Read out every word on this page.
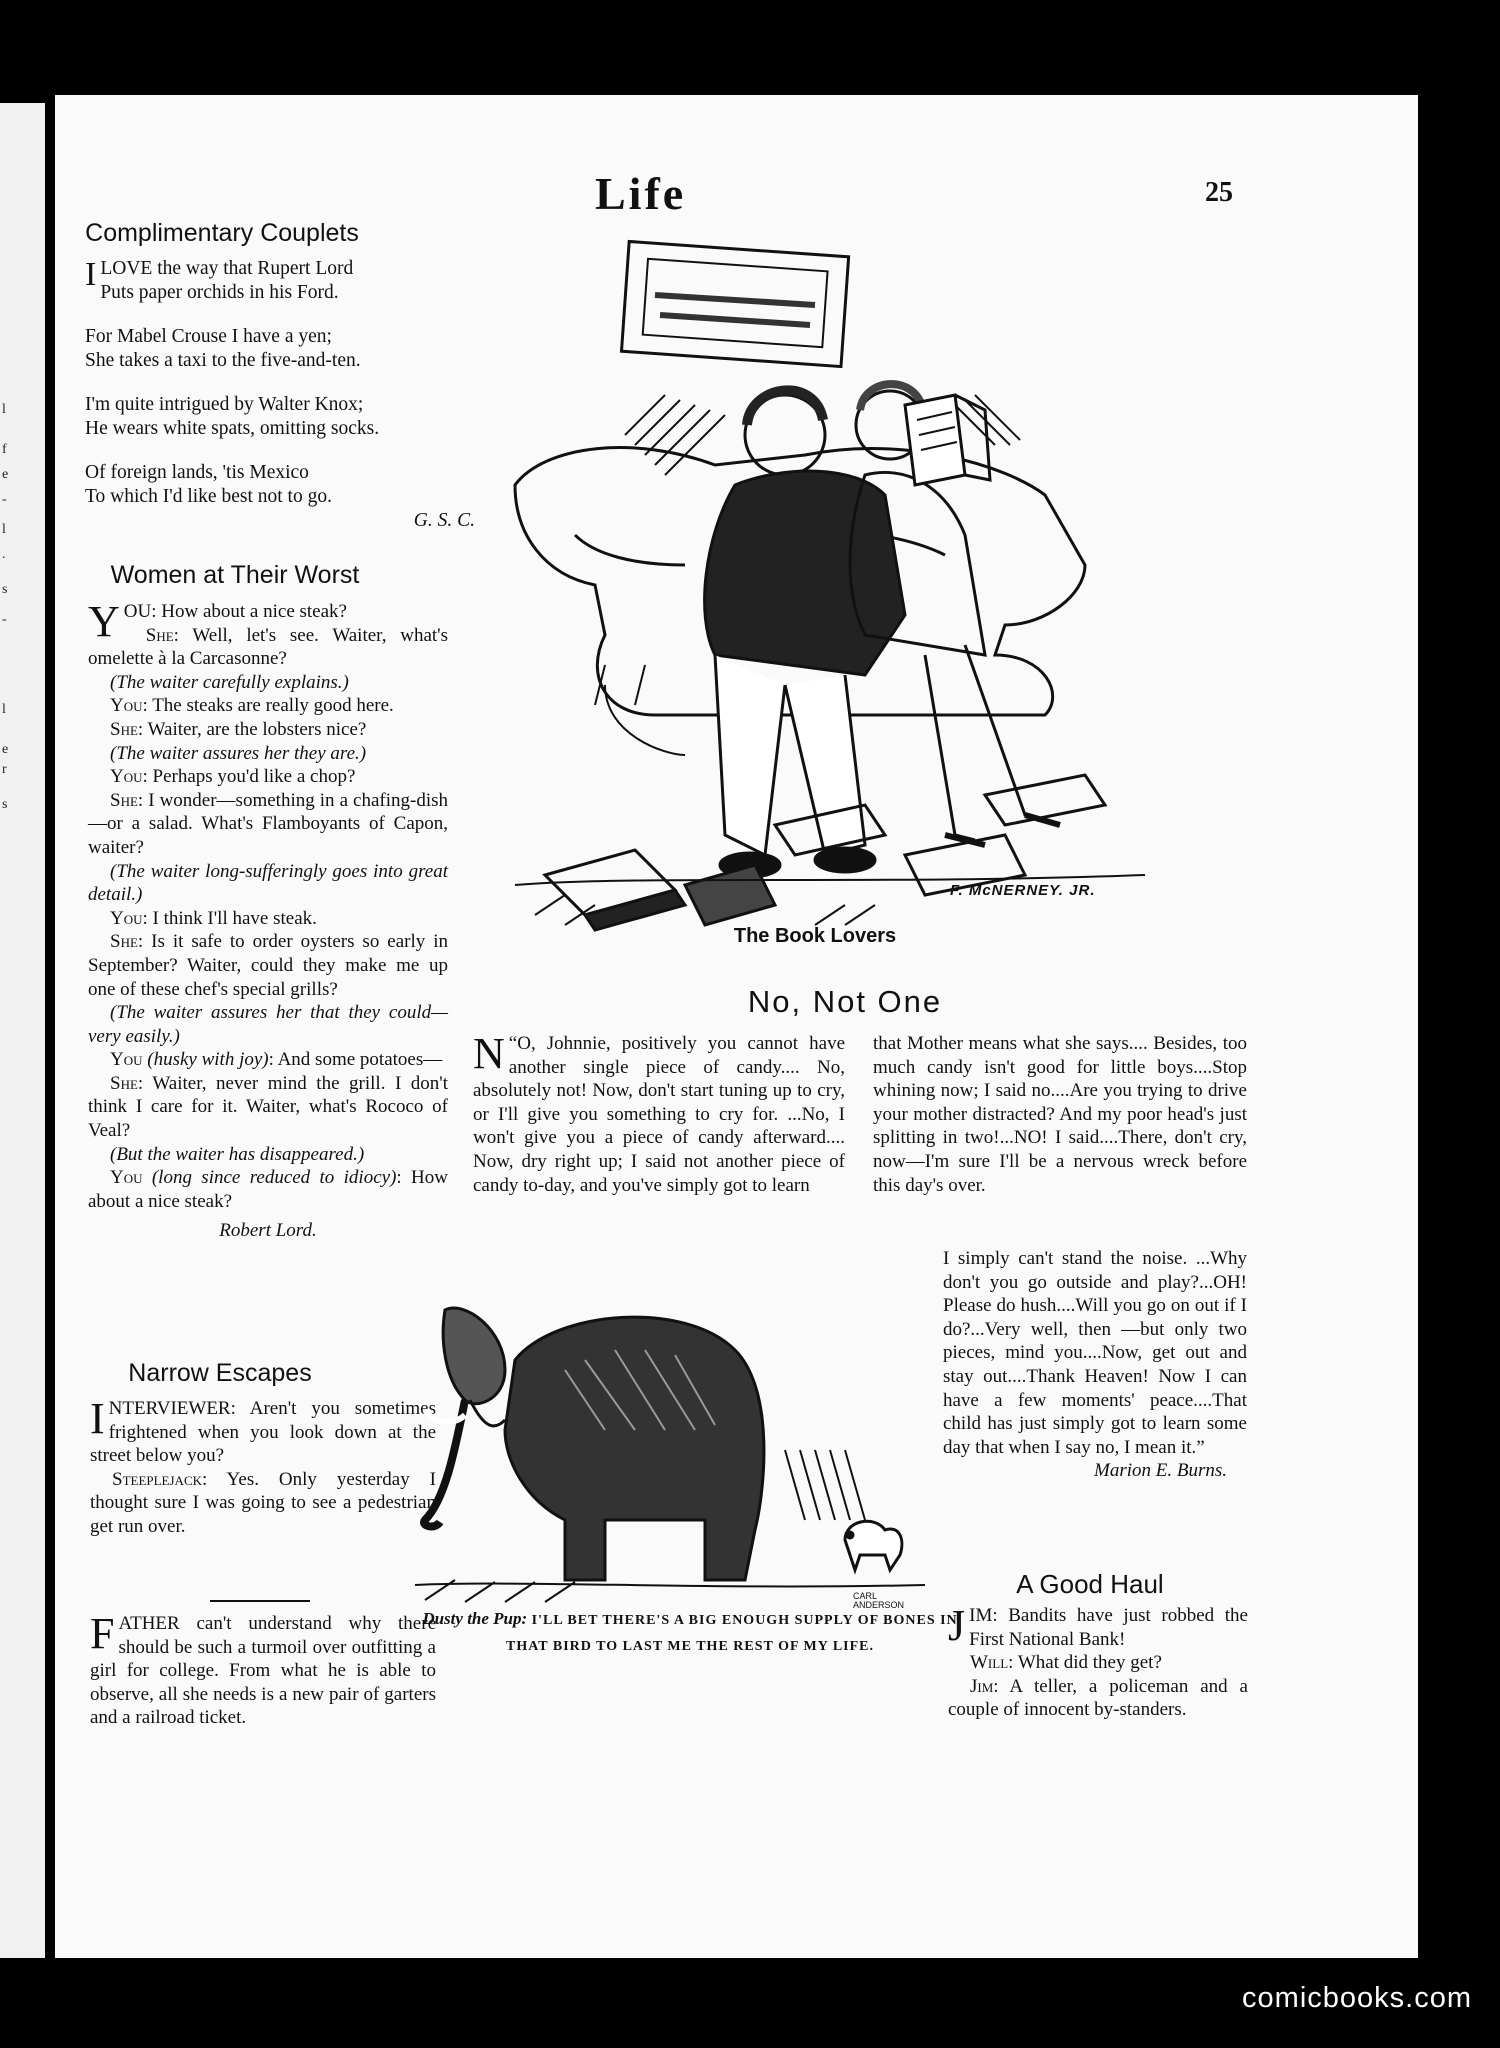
l
f
e
-
l
.
s
-
l
e
r
s
Life	25
Complimentary Couplets

ILOVE the way that Rupert Lord

Puts paper orchids in his Ford.

For Mabel Crouse I have a yen;

She takes a taxi to the five-and-ten.

I'm quite intrigued by Walter Knox;

He wears white spats, omitting socks.

Of foreign lands, 'tis Mexico

To which I'd like best not to go.

G. S. C.

Women at Their Worst

YOU: How about a nice steak?

She: Well, let's see. Waiter, what's omelette à la Carcasonne?

(The waiter carefully explains.)

You: The steaks are really good here.

She: Waiter, are the lobsters nice?

(The waiter assures her they are.)

You: Perhaps you'd like a chop?

She: I wonder—something in a chafing-dish—or a salad. What's Flamboyants of Capon, waiter?

(The waiter long-sufferingly goes into great detail.)

You: I think I'll have steak.

She: Is it safe to order oysters so early in September? Waiter, could they make me up one of these chef's special grills?

(The waiter assures her that they could—very easily.)

You (husky with joy): And some potatoes—

She: Waiter, never mind the grill. I don't think I care for it. Waiter, what's Rococo of Veal?

(But the waiter has disappeared.)

You (long since reduced to idiocy): How about a nice steak?

Robert Lord.

Narrow Escapes

INTERVIEWER: Aren't you sometimes frightened when you look down at the street below you?

Steeplejack: Yes. Only yesterday I thought sure I was going to see a pedestrian get run over.

FATHER can't understand why there should be such a turmoil over outfitting a girl for college. From what he is able to observe, all she needs is a new pair of garters and a railroad ticket.

F. McNERNEY. JR.
The Book Lovers
No, Not One

“
N O, Johnnie, positively you cannot have another single piece of candy.... No, absolutely not! Now, don't start tuning up to cry, or I'll give you something to cry for. ...No, I won't give you a piece of candy afterward.... Now, dry right up; I said not another piece of candy to-day, and you've simply got to learn

that Mother means what she says.... Besides, too much candy isn't good for little boys....Stop whining now; I said no....Are you trying to drive your mother distracted? And my poor head's just splitting in two!...NO! I said....There, don't cry, now—I'm sure I'll be a nervous wreck before this day's over.

I simply can't stand the noise. ...Why don't you go outside and play?...OH! Please do hush....Will you go on out if I do?...Very well, then —but only two pieces, mind you....Now, get out and stay out....Thank Heaven! Now I can have a few moments' peace....That child has just simply got to learn some day that when I say no, I mean it.”

Marion E. Burns.

CARL ANDERSON
Dusty the Pup: I'LL BET THERE'S A BIG ENOUGH SUPPLY OF BONES IN THAT BIRD TO LAST ME THE REST OF MY LIFE.
A Good Haul

JIM: Bandits have just robbed the First National Bank!

Will: What did they get?

Jim: A teller, a policeman and a couple of innocent by-standers.

comicbooks.com
